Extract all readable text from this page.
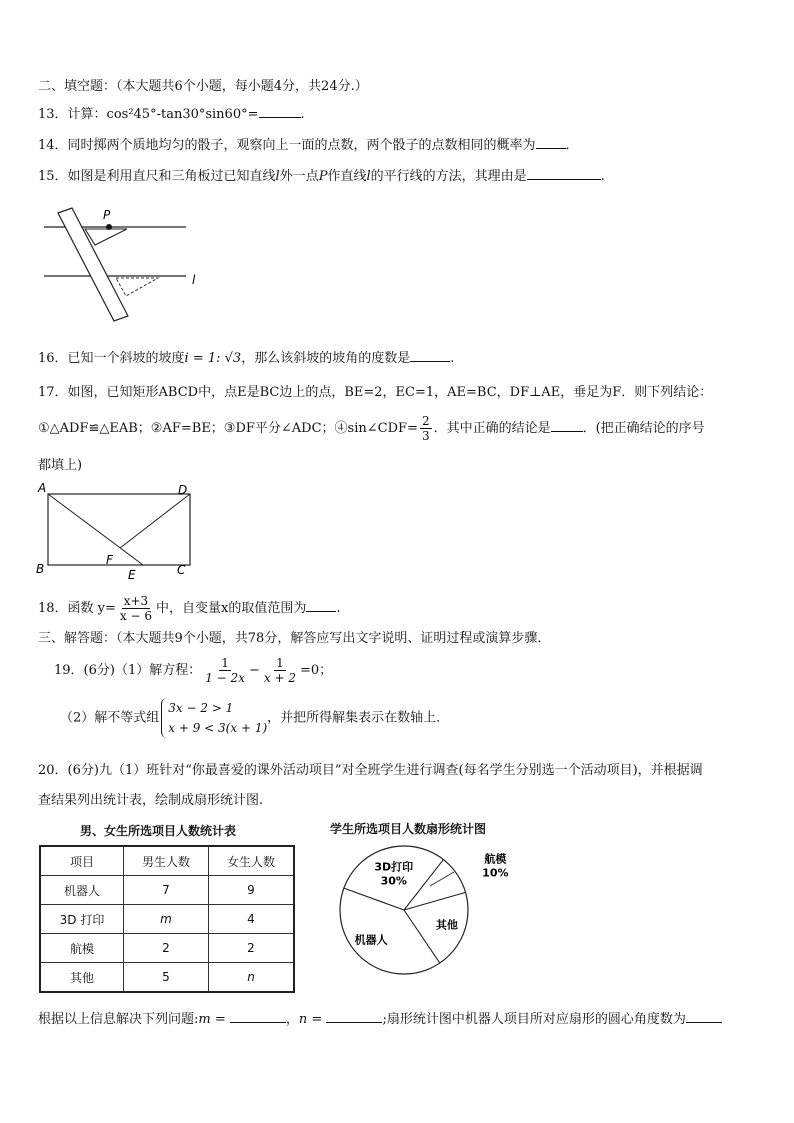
二、填空题：（本大题共6个小题，每小题4分，共24分.）
13．计算：cos²45°-tan30°sin60°=	.
14．同时掷两个质地均匀的骰子，观察向上一面的点数，两个骰子的点数相同的概率为 ．
15．如图是利用直尺和三角板过已知直线l外一点P作直线l的平行线的方法，其理由是	.
P
l
16．已知一个斜坡的坡度i = 1: √3，那么该斜坡的坡角的度数是	.
17．如图，已知矩形ABCD中，点E是BC边上的点，BE=2，EC=1，AE=BC，DF⊥AE，垂足为F．则下列结论：
①△ADF≌△EAB；②AF=BE；③DF平分∠ADC；④sin∠CDF= $\frac{2}{3}$ ．其中正确的结论是 ．(把正确结论的序号
都填上)
A	D
B	C
F
E
18．函数 $y= \frac{x+3}{x - 6}$ 中，自变量x的取值范围为 .
三、解答题：（本大题共9个小题，共78分，解答应写出文字说明、证明过程或演算步骤．
19．(6分)（1）解方程： $\frac{1}{1 - 2x} - \frac{1}{x + 2} =0$；
（2）解不等式组3x − 2 > 1
x + 9 < 3(x + 1)，并把所得解集表示在数轴上．
20．(6分)九（1）班针对“你最喜爱的课外活动项目”对全班学生进行调查(每名学生分别选一个活动项目)，并根据调
查结果列出统计表，绘制成扇形统计图.
男、女生所选项目人数统计表
项目	男生人数	女生人数
机器人	7	9
3D 打印	m	4
航模	2	2
其他	5	n
学生所选项目人数扇形统计图
3D打印
30%
航模
10%
其他
机器人
根据以上信息解决下列问题:m =	，n =	;扇形统计图中机器人项目所对应扇形的圆心角度数为
